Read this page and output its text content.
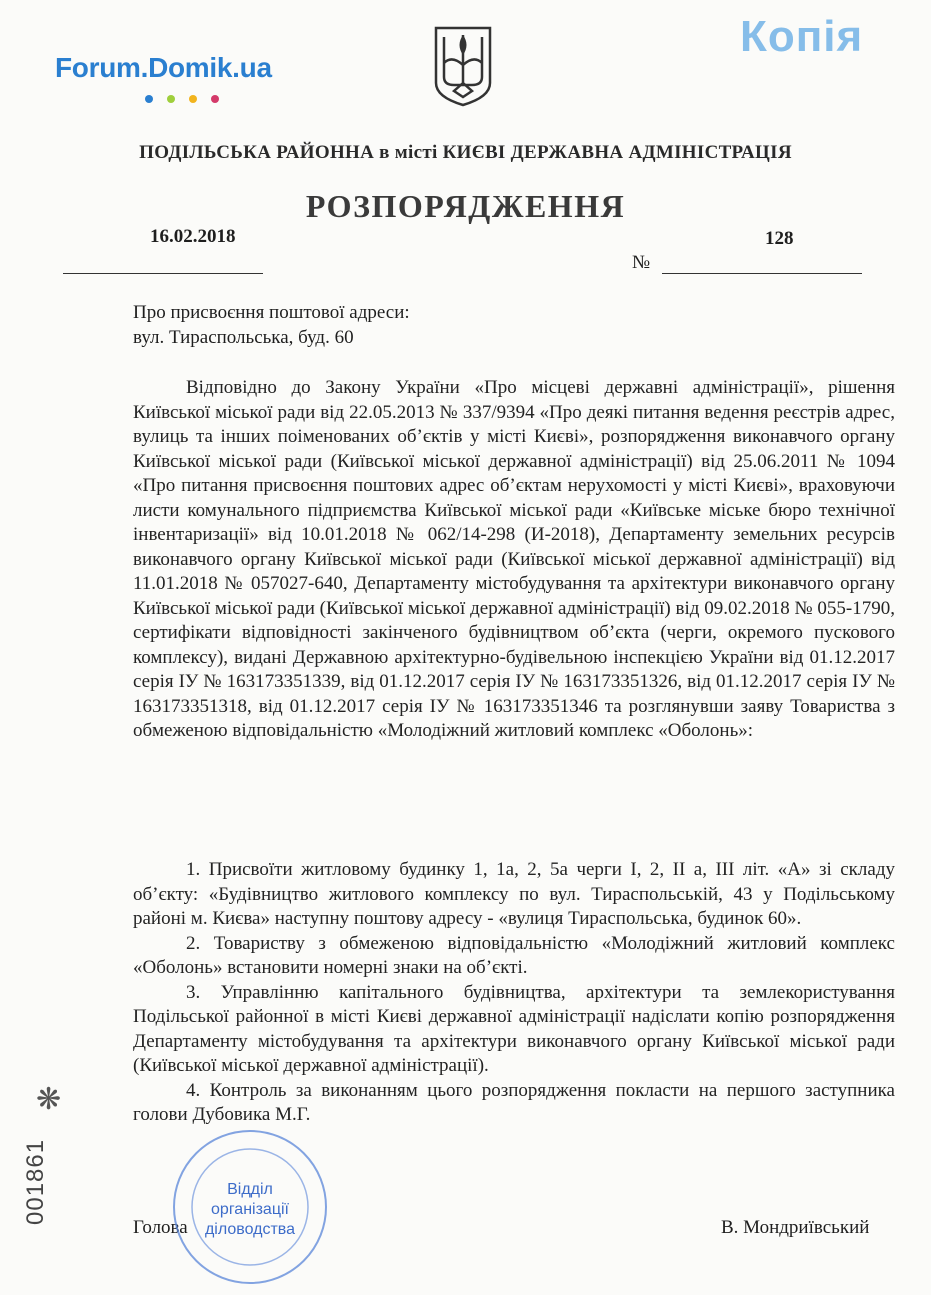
Forum.Domik.ua
Копія
ПОДІЛЬСЬКА РАЙОННА в місті КИЄВІ ДЕРЖАВНА АДМІНІСТРАЦІЯ
РОЗПОРЯДЖЕННЯ
16.02.2018	128
№
Про присвоєння поштової адреси:
вул. Тираспольська, буд. 60
Відповідно до Закону України «Про місцеві державні адміністрації», рішення Київської міської ради від 22.05.2013 № 337/9394 «Про деякі питання ведення реєстрів адрес, вулиць та інших поіменованих об’єктів у місті Києві», розпорядження виконавчого органу Київської міської ради (Київської міської державної адміністрації) від 25.06.2011 № 1094 «Про питання присвоєння поштових адрес об’єктам нерухомості у місті Києві», враховуючи листи комунального підприємства Київської міської ради «Київське міське бюро технічної інвентаризації» від 10.01.2018 № 062/14-298 (И-2018), Департаменту земельних ресурсів виконавчого органу Київської міської ради (Київської міської державної адміністрації) від 11.01.2018 № 057027-640, Департаменту містобудування та архітектури виконавчого органу Київської міської ради (Київської міської державної адміністрації) від 09.02.2018 № 055-1790, сертифікати відповідності закінченого будівництвом об’єкта (черги, окремого пускового комплексу), видані Державною архітектурно-будівельною інспекцією України від 01.12.2017 серія ІУ № 163173351339, від 01.12.2017 серія ІУ № 163173351326, від 01.12.2017 серія ІУ № 163173351318, від 01.12.2017 серія ІУ № 163173351346 та розглянувши заяву Товариства з обмеженою відповідальністю «Молодіжний житловий комплекс «Оболонь»:

1. Присвоїти житловому будинку 1, 1а, 2, 5а черги І, 2, ІІ а, ІІІ літ. «А» зі складу об’єкту: «Будівництво житлового комплексу по вул. Тираспольській, 43 у Подільському районі м. Києва» наступну поштову адресу - «вулиця Тираспольська, будинок 60».

2. Товариству з обмеженою відповідальністю «Молодіжний житловий комплекс «Оболонь» встановити номерні знаки на об’єкті.

3. Управлінню капітального будівництва, архітектури та землекористування Подільської районної в місті Києві державної адміністрації надіслати копію розпорядження Департаменту містобудування та архітектури виконавчого органу Київської міської ради (Київської міської державної адміністрації).

4. Контроль за виконанням цього розпорядження покласти на першого заступника голови Дубовика М.Г.

Голова	В. Мондриївський
❋
001861	Відділ
організації
діловодства
